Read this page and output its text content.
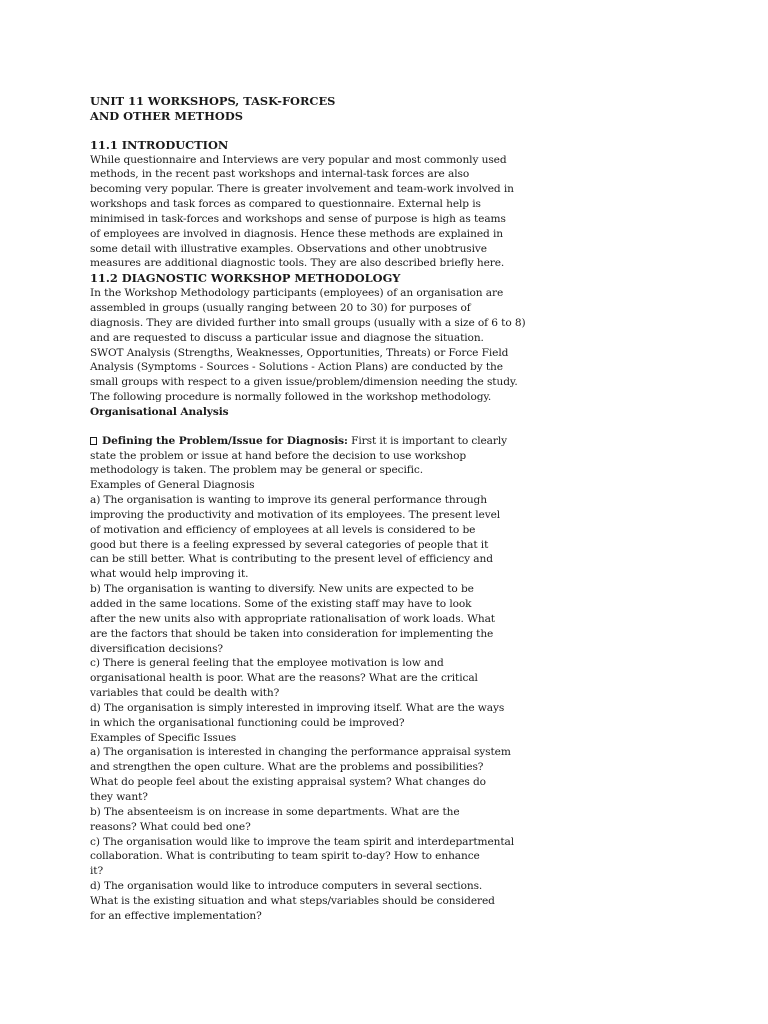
UNIT 11 WORKSHOPS, TASK-FORCES
AND OTHER METHODS
11.1 INTRODUCTION
While questionnaire and Interviews are very popular and most commonly used
methods, in the recent past workshops and internal-task forces are also
becoming very popular. There is greater involvement and team-work involved in
workshops and task forces as compared to questionnaire. External help is
minimised in task-forces and workshops and sense of purpose is high as teams
of employees are involved in diagnosis. Hence these methods are explained in
some detail with illustrative examples. Observations and other unobtrusive
measures are additional diagnostic tools. They are also described briefly here.
11.2 DIAGNOSTIC WORKSHOP METHODOLOGY
In the Workshop Methodology participants (employees) of an organisation are
assembled in groups (usually ranging between 20 to 30) for purposes of
diagnosis. They are divided further into small groups (usually with a size of 6 to 8)
and are requested to discuss a particular issue and diagnose the situation.
SWOT Analysis (Strengths, Weaknesses, Opportunities, Threats) or Force Field
Analysis (Symptoms - Sources - Solutions - Action Plans) are conducted by the
small groups with respect to a given issue/problem/dimension needing the study.
The following procedure is normally followed in the workshop methodology.
Organisational Analysis
Defining the Problem/Issue for Diagnosis: First it is important to clearly
state the problem or issue at hand before the decision to use workshop
methodology is taken. The problem may be general or specific.
Examples of General Diagnosis
a) The organisation is wanting to improve its general performance through
improving the productivity and motivation of its employees. The present level
of motivation and efficiency of employees at all levels is considered to be
good but there is a feeling expressed by several categories of people that it
can be still better. What is contributing to the present level of efficiency and
what would help improving it.
b) The organisation is wanting to diversify. New units are expected to be
added in the same locations. Some of the existing staff may have to look
after the new units also with appropriate rationalisation of work loads. What
are the factors that should be taken into consideration for implementing the
diversification decisions?
c) There is general feeling that the employee motivation is low and
organisational health is poor. What are the reasons? What are the critical
variables that could be dealth with?
d) The organisation is simply interested in improving itself. What are the ways
in which the organisational functioning could be improved?
Examples of Specific Issues
a) The organisation is interested in changing the performance appraisal system
and strengthen the open culture. What are the problems and possibilities?
What do people feel about the existing appraisal system? What changes do
they want?
b) The absenteeism is on increase in some departments. What are the
reasons? What could bed one?
c) The organisation would like to improve the team spirit and interdepartmental
collaboration. What is contributing to team spirit to-day? How to enhance
it?
d) The organisation would like to introduce computers in several sections.
What is the existing situation and what steps/variables should be considered
for an effective implementation?
